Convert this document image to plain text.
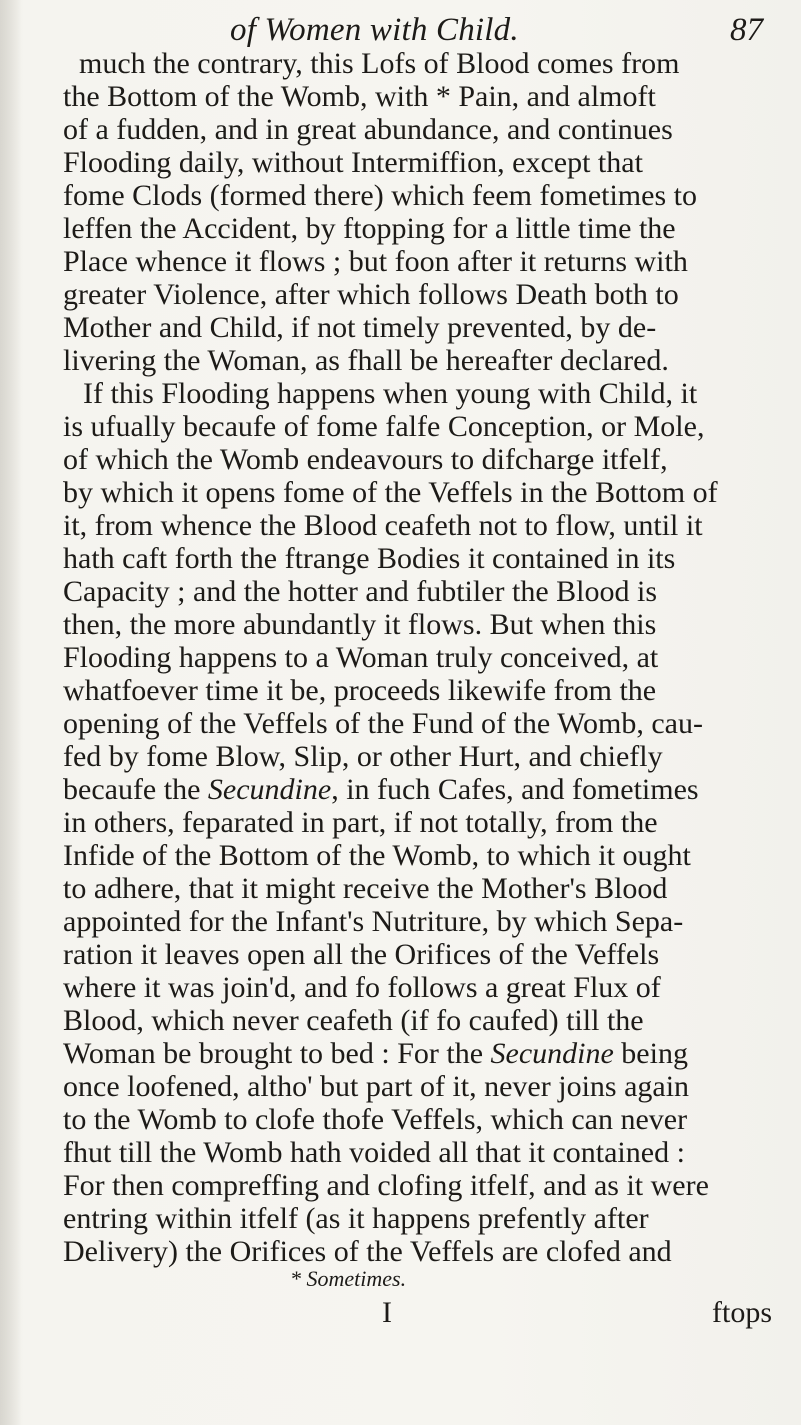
of Women with Child.	87
much the contrary, this Lofs of Blood comes from
the Bottom of the Womb, with * Pain, and almoft
of a fudden, and in great abundance, and continues
Flooding daily, without Intermiffion, except that
fome Clods (formed there) which feem fometimes to
leffen the Accident, by ftopping for a little time the
Place whence it flows ; but foon after it returns with
greater Violence, after which follows Death both to
Mother and Child, if not timely prevented, by de-
livering the Woman, as fhall be hereafter declared.
If this Flooding happens when young with Child, it
is ufually becaufe of fome falfe Conception, or Mole,
of which the Womb endeavours to difcharge itfelf,
by which it opens fome of the Veffels in the Bottom of
it, from whence the Blood ceafeth not to flow, until it
hath caft forth the ftrange Bodies it contained in its
Capacity ; and the hotter and fubtiler the Blood is
then, the more abundantly it flows. But when this
Flooding happens to a Woman truly conceived, at
whatfoever time it be, proceeds likewife from the
opening of the Veffels of the Fund of the Womb, cau-
fed by fome Blow, Slip, or other Hurt, and chiefly
becaufe the Secundine, in fuch Cafes, and fometimes
in others, feparated in part, if not totally, from the
Infide of the Bottom of the Womb, to which it ought
to adhere, that it might receive the Mother's Blood
appointed for the Infant's Nutriture, by which Sepa-
ration it leaves open all the Orifices of the Veffels
where it was join'd, and fo follows a great Flux of
Blood, which never ceafeth (if fo caufed) till the
Woman be brought to bed : For the Secundine being
once loofened, altho' but part of it, never joins again
to the Womb to clofe thofe Veffels, which can never
fhut till the Womb hath voided all that it contained :
For then compreffing and clofing itfelf, and as it were
entring within itfelf (as it happens prefently after
Delivery) the Orifices of the Veffels are clofed and
* Sometimes.
I	ftops
